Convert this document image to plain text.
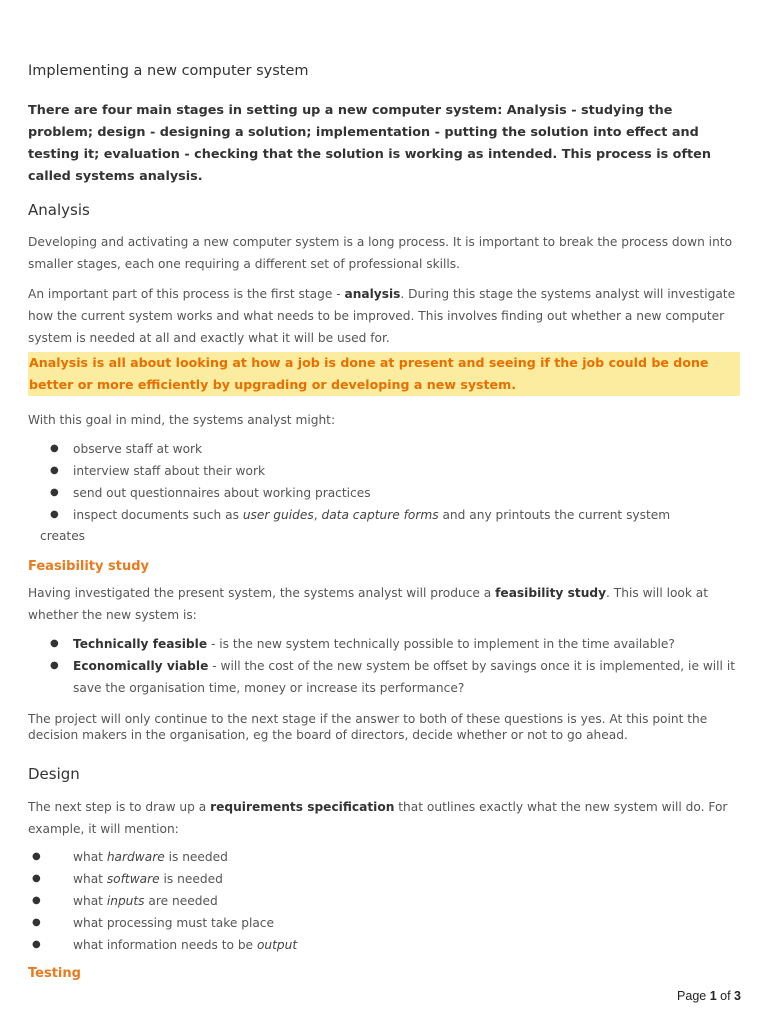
Implementing a new computer system

There are four main stages in setting up a new computer system: Analysis - studying the problem; design - designing a solution; implementation - putting the solution into effect and testing it; evaluation - checking that the solution is working as intended. This process is often called systems analysis.

Analysis

Developing and activating a new computer system is a long process. It is important to break the process down into smaller stages, each one requiring a different set of professional skills.

An important part of this process is the first stage - analysis. During this stage the systems analyst will investigate how the current system works and what needs to be improved. This involves finding out whether a new computer system is needed at all and exactly what it will be used for.

Analysis is all about looking at how a job is done at present and seeing if the job could be done better or more efficiently by upgrading or developing a new system.

With this goal in mind, the systems analyst might:

● observe staff at work
● interview staff about their work
● send out questionnaires about working practices
● inspect documents such as user guides, data capture forms and any printouts the current system

creates

Feasibility study

Having investigated the present system, the systems analyst will produce a feasibility study. This will look at whether the new system is:

● Technically feasible - is the new system technically possible to implement in the time available?
● Economically viable - will the cost of the new system be offset by savings once it is implemented, ie will it save the organisation time, money or increase its performance?

The project will only continue to the next stage if the answer to both of these questions is yes. At this point the decision makers in the organisation, eg the board of directors, decide whether or not to go ahead.

Design

The next step is to draw up a requirements specification that outlines exactly what the new system will do. For example, it will mention:

●	what hardware is needed
●	what software is needed
●	what inputs are needed
●	what processing must take place
●	what information needs to be output
Testing
Page 1 of 3
